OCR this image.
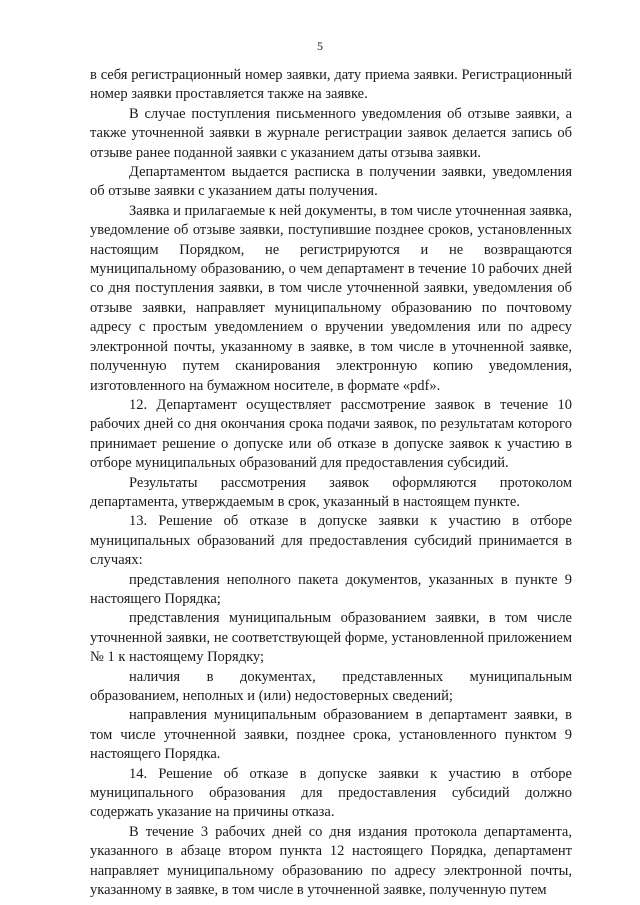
5

в себя регистрационный номер заявки, дату приема заявки. Регистрационный номер заявки проставляется также на заявке.

В случае поступления письменного уведомления об отзыве заявки, а также уточненной заявки в журнале регистрации заявок делается запись об отзыве ранее поданной заявки с указанием даты отзыва заявки.

Департаментом выдается расписка в получении заявки, уведомления об отзыве заявки с указанием даты получения.

Заявка и прилагаемые к ней документы, в том числе уточненная заявка, уведомление об отзыве заявки, поступившие позднее сроков, установленных настоящим Порядком, не регистрируются и не возвращаются муниципальному образованию, о чем департамент в течение 10 рабочих дней со дня поступления заявки, в том числе уточненной заявки, уведомления об отзыве заявки, направляет муниципальному образованию по почтовому адресу с простым уведомлением о вручении уведомления или по адресу электронной почты, указанному в заявке, в том числе в уточненной заявке, полученную путем сканирования электронную копию уведомления, изготовленного на бумажном носителе, в формате «pdf».

12. Департамент осуществляет рассмотрение заявок в течение 10 рабочих дней со дня окончания срока подачи заявок, по результатам которого принимает решение о допуске или об отказе в допуске заявок к участию в отборе муниципальных образований для предоставления субсидий.

Результаты рассмотрения заявок оформляются протоколом департамента, утверждаемым в срок, указанный в настоящем пункте.

13. Решение об отказе в допуске заявки к участию в отборе муниципальных образований для предоставления субсидий принимается в случаях:

представления неполного пакета документов, указанных в пункте 9 настоящего Порядка;

представления муниципальным образованием заявки, в том числе уточненной заявки, не соответствующей форме, установленной приложением № 1 к настоящему Порядку;

наличия в документах, представленных муниципальным образованием, неполных и (или) недостоверных сведений;

направления муниципальным образованием в департамент заявки, в том числе уточненной заявки, позднее срока, установленного пунктом 9 настоящего Порядка.

14. Решение об отказе в допуске заявки к участию в отборе муниципального образования для предоставления субсидий должно содержать указание на причины отказа.

В течение 3 рабочих дней со дня издания протокола департамента, указанного в абзаце втором пункта 12 настоящего Порядка, департамент направляет муниципальному образованию по адресу электронной почты, указанному в заявке, в том числе в уточненной заявке, полученную путем
